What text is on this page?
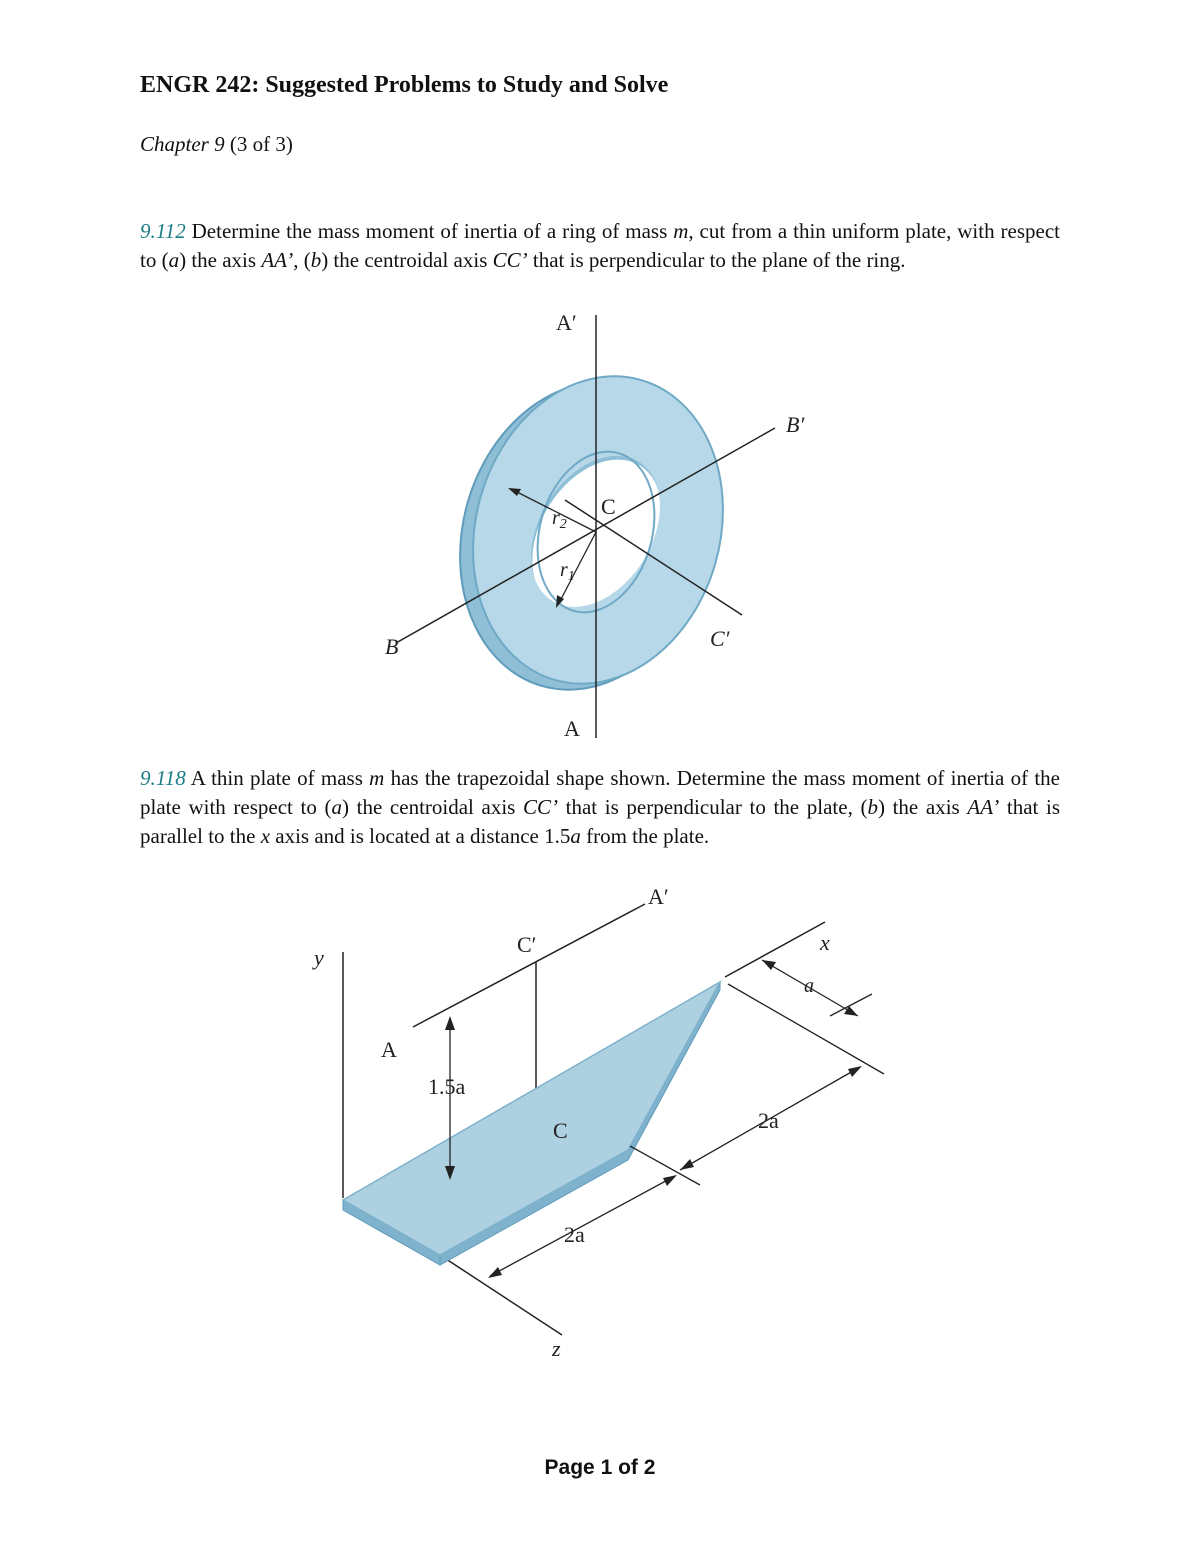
ENGR 242: Suggested Problems to Study and Solve
Chapter 9 (3 of 3)
9.112 Determine the mass moment of inertia of a ring of mass m, cut from a thin uniform plate, with respect to (a) the axis AA’, (b) the centroidal axis CC’ that is perpendicular to the plane of the ring.
9.118 A thin plate of mass m has the trapezoidal shape shown. Determine the mass moment of inertia of the plate with respect to (a) the centroidal axis CC’ that is perpendicular to the plate, (b) the axis AA’ that is parallel to the x axis and is located at a distance 1.5a from the plate.
A′
A
B′
B
C
C′
$r_2$
$r_1$
y
A
C′
A′
x
a
1.5a
C	2a
2a
z
Page 1 of 2
